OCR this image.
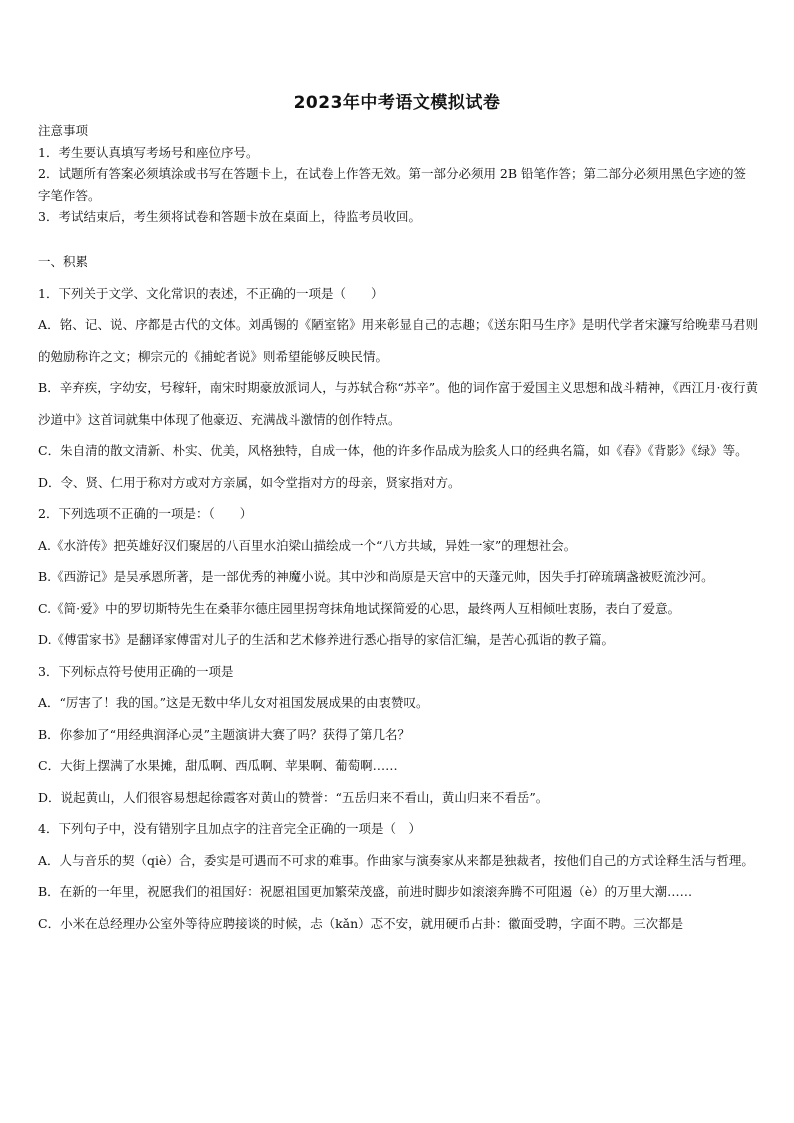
2023年中考语文模拟试卷

注意事项

1．考生要认真填写考场号和座位序号。

2．试题所有答案必须填涂或书写在答题卡上，在试卷上作答无效。第一部分必须用 2B 铅笔作答；第二部分必须用黑色字迹的签字笔作答。

3．考试结束后，考生须将试卷和答题卡放在桌面上，待监考员收回。

一、积累

1．下列关于文学、文化常识的表述，不正确的一项是（　　）

A．铭、记、说、序都是古代的文体。刘禹锡的《陋室铭》用来彰显自己的志趣；《送东阳马生序》是明代学者宋濂写给晚辈马君则的勉励称许之文；柳宗元的《捕蛇者说》则希望能够反映民情。

B．辛弃疾，字幼安，号稼轩，南宋时期豪放派词人，与苏轼合称“苏辛”。他的词作富于爱国主义思想和战斗精神，《西江月·夜行黄沙道中》这首词就集中体现了他豪迈、充满战斗激情的创作特点。

C．朱自清的散文清新、朴实、优美，风格独特，自成一体，他的许多作品成为脍炙人口的经典名篇，如《春》《背影》《绿》等。

D．令、贤、仁用于称对方或对方亲属，如令堂指对方的母亲，贤家指对方。

2．下列选项不正确的一项是：（　　）

A.《水浒传》把英雄好汉们聚居的八百里水泊梁山描绘成一个“八方共域，异姓一家”的理想社会。

B.《西游记》是吴承恩所著，是一部优秀的神魔小说。其中沙和尚原是天宫中的天蓬元帅，因失手打碎琉璃盏被贬流沙河。

C.《简·爱》中的罗切斯特先生在桑菲尔德庄园里拐弯抹角地试探简爱的心思，最终两人互相倾吐衷肠，表白了爱意。

D.《傅雷家书》是翻译家傅雷对儿子的生活和艺术修养进行悉心指导的家信汇编，是苦心孤诣的教子篇。

3．下列标点符号使用正确的一项是

A．“厉害了！我的国。”这是无数中华儿女对祖国发展成果的由衷赞叹。

B．你参加了“用经典润泽心灵”主题演讲大赛了吗？获得了第几名？

C．大街上摆满了水果摊，甜瓜啊、西瓜啊、苹果啊、葡萄啊……

D．说起黄山，人们很容易想起徐霞客对黄山的赞誉：“五岳归来不看山，黄山归来不看岳”。

4．下列句子中，没有错别字且加点字的注音完全正确的一项是（　）

A．人与音乐的契（qiè）合，委实是可遇而不可求的难事。作曲家与演奏家从来都是独裁者，按他们自己的方式诠释生活与哲理。

B．在新的一年里，祝愿我们的祖国好：祝愿祖国更加繁荣茂盛，前进时脚步如滚滚奔腾不可阻遏（è）的万里大潮……

C．小米在总经理办公室外等待应聘接谈的时候，忐（kǎn）忑不安，就用硬币占卦：徽面受聘，字面不聘。三次都是
